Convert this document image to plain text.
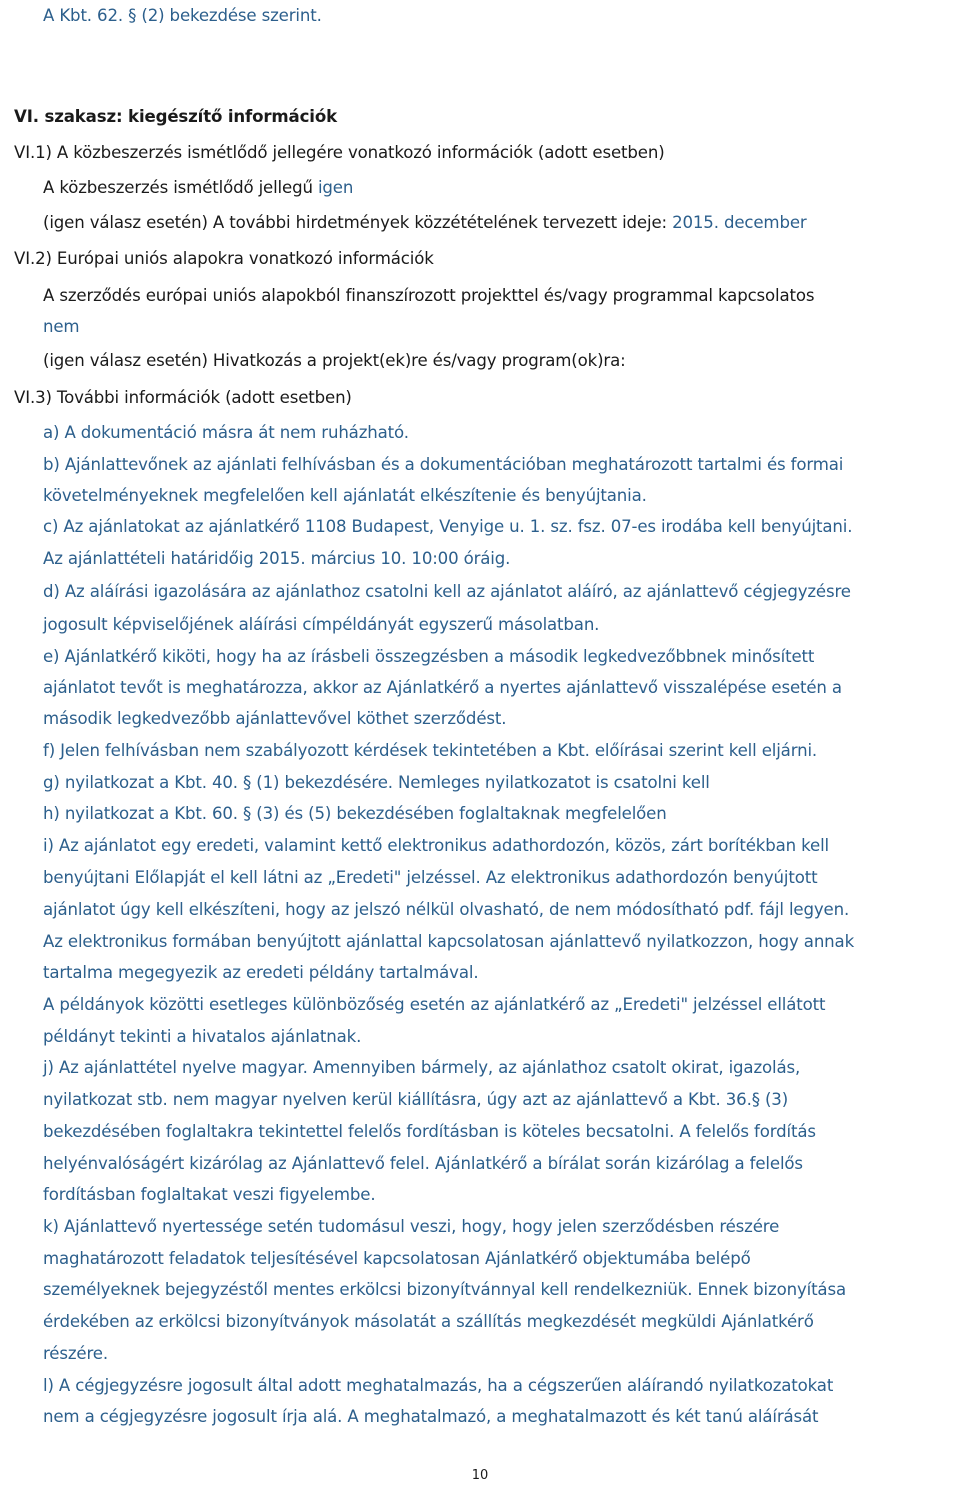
A Kbt. 62. § (2) bekezdése szerint.
VI. szakasz: kiegészítő információk
VI.1) A közbeszerzés ismétlődő jellegére vonatkozó információk (adott esetben)
A közbeszerzés ismétlődő jellegű igen
(igen válasz esetén) A további hirdetmények közzétételének tervezett ideje: 2015. december
VI.2) Európai uniós alapokra vonatkozó információk
A szerződés európai uniós alapokból finanszírozott projekttel és/vagy programmal kapcsolatos
nem
(igen válasz esetén) Hivatkozás a projekt(ek)re és/vagy program(ok)ra:
VI.3) További információk (adott esetben)
a) A dokumentáció másra át nem ruházható.
b) Ajánlattevőnek az ajánlati felhívásban és a dokumentációban meghatározott tartalmi és formai
követelményeknek megfelelően kell ajánlatát elkészítenie és benyújtania.
c) Az ajánlatokat az ajánlatkérő 1108 Budapest, Venyige u. 1. sz. fsz. 07-es irodába kell benyújtani.
Az ajánlattételi határidőig 2015. március 10. 10:00 óráig.
d) Az aláírási igazolására az ajánlathoz csatolni kell az ajánlatot aláíró, az ajánlattevő cégjegyzésre
jogosult képviselőjének aláírási címpéldányát egyszerű másolatban.
e) Ajánlatkérő kiköti, hogy ha az írásbeli összegzésben a második legkedvezőbbnek minősített
ajánlatot tevőt is meghatározza, akkor az Ajánlatkérő a nyertes ajánlattevő visszalépése esetén a
második legkedvezőbb ajánlattevővel köthet szerződést.
f) Jelen felhívásban nem szabályozott kérdések tekintetében a Kbt. előírásai szerint kell eljárni.
g) nyilatkozat a Kbt. 40. § (1) bekezdésére. Nemleges nyilatkozatot is csatolni kell
h) nyilatkozat a Kbt. 60. § (3) és (5) bekezdésében foglaltaknak megfelelően
i) Az ajánlatot egy eredeti, valamint kettő elektronikus adathordozón, közös, zárt borítékban kell
benyújtani Előlapját el kell látni az „Eredeti" jelzéssel. Az elektronikus adathordozón benyújtott
ajánlatot úgy kell elkészíteni, hogy az jelszó nélkül olvasható, de nem módosítható pdf. fájl legyen.
Az elektronikus formában benyújtott ajánlattal kapcsolatosan ajánlattevő nyilatkozzon, hogy annak
tartalma megegyezik az eredeti példány tartalmával.
A példányok közötti esetleges különbözőség esetén az ajánlatkérő az „Eredeti" jelzéssel ellátott
példányt tekinti a hivatalos ajánlatnak.
j) Az ajánlattétel nyelve magyar. Amennyiben bármely, az ajánlathoz csatolt okirat, igazolás,
nyilatkozat stb. nem magyar nyelven kerül kiállításra, úgy azt az ajánlattevő a Kbt. 36.§ (3)
bekezdésében foglaltakra tekintettel felelős fordításban is köteles becsatolni. A felelős fordítás
helyénvalóságért kizárólag az Ajánlattevő felel. Ajánlatkérő a bírálat során kizárólag a felelős
fordításban foglaltakat veszi figyelembe.
k) Ajánlattevő nyertessége setén tudomásul veszi, hogy, hogy jelen szerződésben részére
maghatározott feladatok teljesítésével kapcsolatosan Ajánlatkérő objektumába belépő
személyeknek bejegyzéstől mentes erkölcsi bizonyítvánnyal kell rendelkezniük. Ennek bizonyítása
érdekében az erkölcsi bizonyítványok másolatát a szállítás megkezdését megküldi Ajánlatkérő
részére.
l) A cégjegyzésre jogosult által adott meghatalmazás, ha a cégszerűen aláírandó nyilatkozatokat
nem a cégjegyzésre jogosult írja alá. A meghatalmazó, a meghatalmazott és két tanú aláírását
10
